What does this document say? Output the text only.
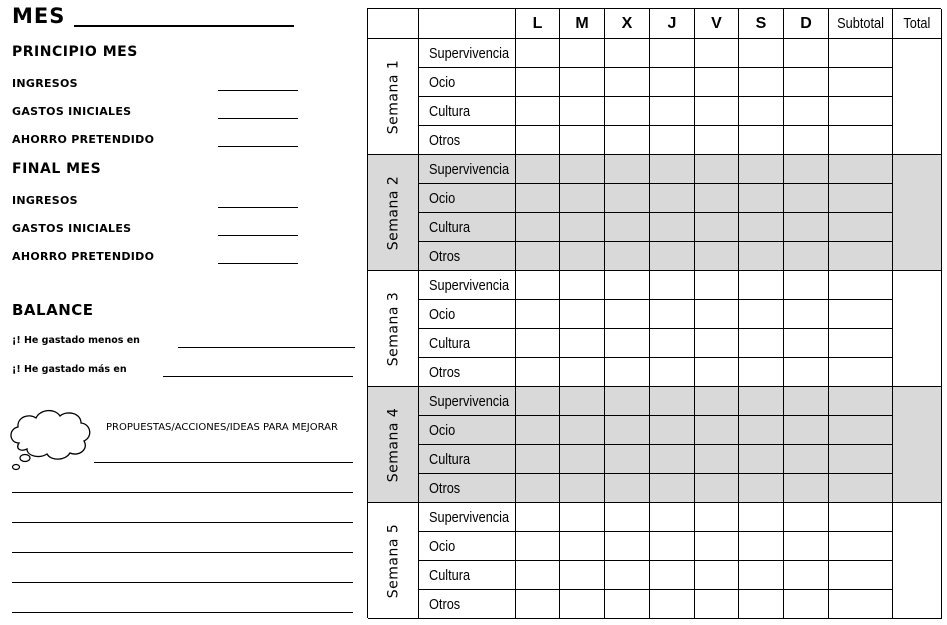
MES
PRINCIPIO MES
INGRESOS
GASTOS INICIALES
AHORRO PRETENDIDO
FINAL MES
INGRESOS
GASTOS INICIALES
AHORRO PRETENDIDO
BALANCE
¡! He gastado menos en
¡! He gastado más en
PROPUESTAS/ACCIONES/IDEAS PARA MEJORAR
L M X J V S D Subtotal Total
Semana 1
Supervivencia
Ocio
Cultura
Otros
Semana 2
Supervivencia
Ocio
Cultura
Otros
Semana 3
Supervivencia
Ocio
Cultura
Otros
Semana 4
Supervivencia
Ocio
Cultura
Otros
Semana 5
Supervivencia
Ocio
Cultura
Otros
